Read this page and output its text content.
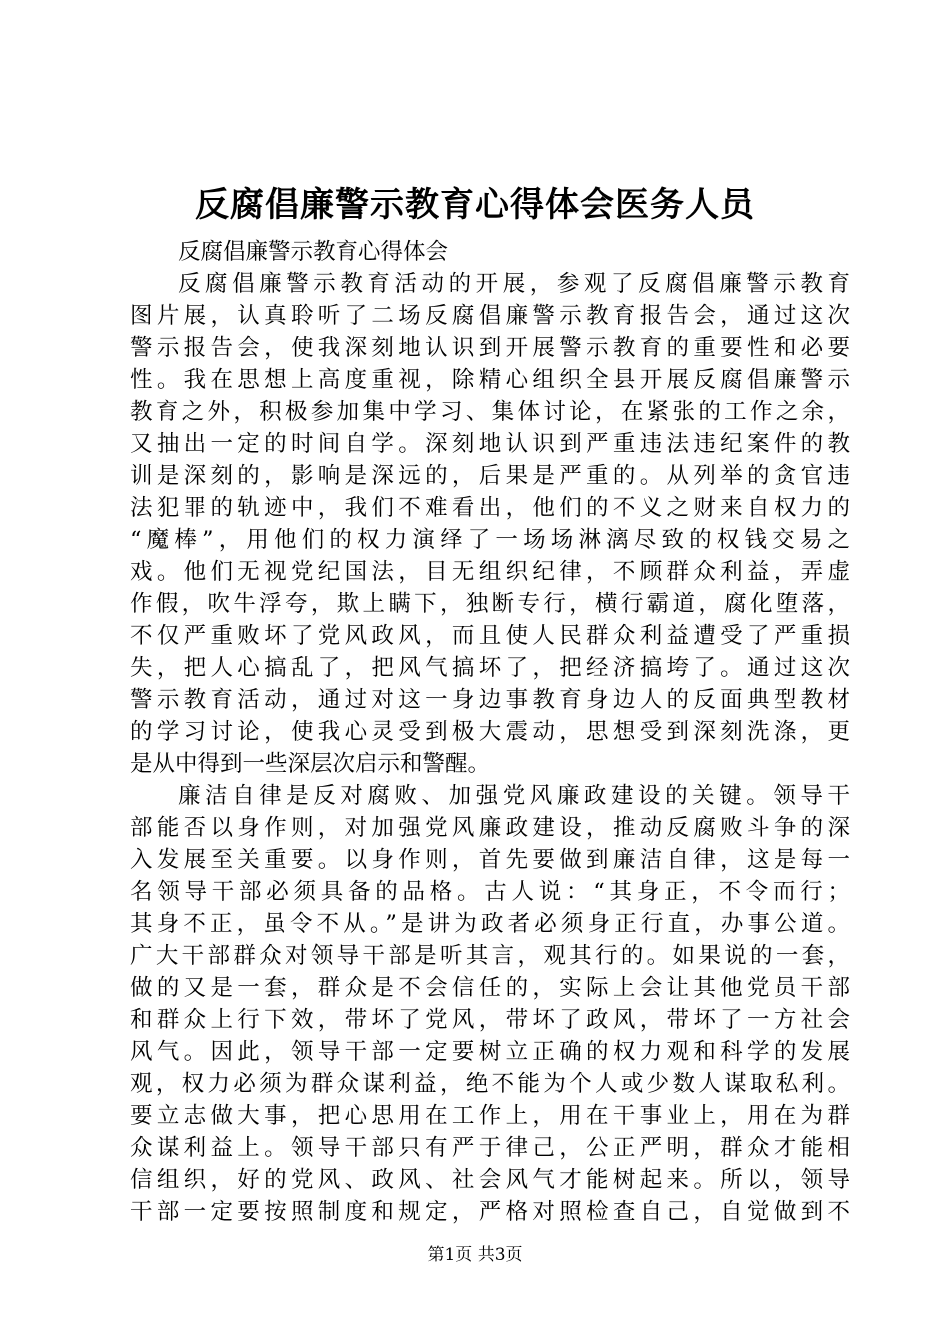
反腐倡廉警示教育心得体会医务人员
反腐倡廉警示教育心得体会
反腐倡廉警示教育活动的开展，参观了反腐倡廉警示教育
图片展，认真聆听了二场反腐倡廉警示教育报告会，通过这次
警示报告会，使我深刻地认识到开展警示教育的重要性和必要
性。我在思想上高度重视，除精心组织全县开展反腐倡廉警示
教育之外，积极参加集中学习、集体讨论，在紧张的工作之余，
又抽出一定的时间自学。深刻地认识到严重违法违纪案件的教
训是深刻的，影响是深远的，后果是严重的。从列举的贪官违
法犯罪的轨迹中，我们不难看出，他们的不义之财来自权力的
“魔棒”，用他们的权力演绎了一场场淋漓尽致的权钱交易之
戏。他们无视党纪国法，目无组织纪律，不顾群众利益，弄虚
作假，吹牛浮夸，欺上瞒下，独断专行，横行霸道，腐化堕落，
不仅严重败坏了党风政风，而且使人民群众利益遭受了严重损
失，把人心搞乱了，把风气搞坏了，把经济搞垮了。通过这次
警示教育活动，通过对这一身边事教育身边人的反面典型教材
的学习讨论，使我心灵受到极大震动，思想受到深刻洗涤，更
是从中得到一些深层次启示和警醒。
廉洁自律是反对腐败、加强党风廉政建设的关键。领导干
部能否以身作则，对加强党风廉政建设，推动反腐败斗争的深
入发展至关重要。以身作则，首先要做到廉洁自律，这是每一
名领导干部必须具备的品格。古人说：“其身正，不令而行；
其身不正，虽令不从。”是讲为政者必须身正行直，办事公道。
广大干部群众对领导干部是听其言，观其行的。如果说的一套，
做的又是一套，群众是不会信任的，实际上会让其他党员干部
和群众上行下效，带坏了党风，带坏了政风，带坏了一方社会
风气。因此，领导干部一定要树立正确的权力观和科学的发展
观，权力必须为群众谋利益，绝不能为个人或少数人谋取私利。
要立志做大事，把心思用在工作上，用在干事业上，用在为群
众谋利益上。领导干部只有严于律己，公正严明，群众才能相
信组织，好的党风、政风、社会风气才能树起来。所以，领导
干部一定要按照制度和规定，严格对照检查自己，自觉做到不
第1页 共3页
